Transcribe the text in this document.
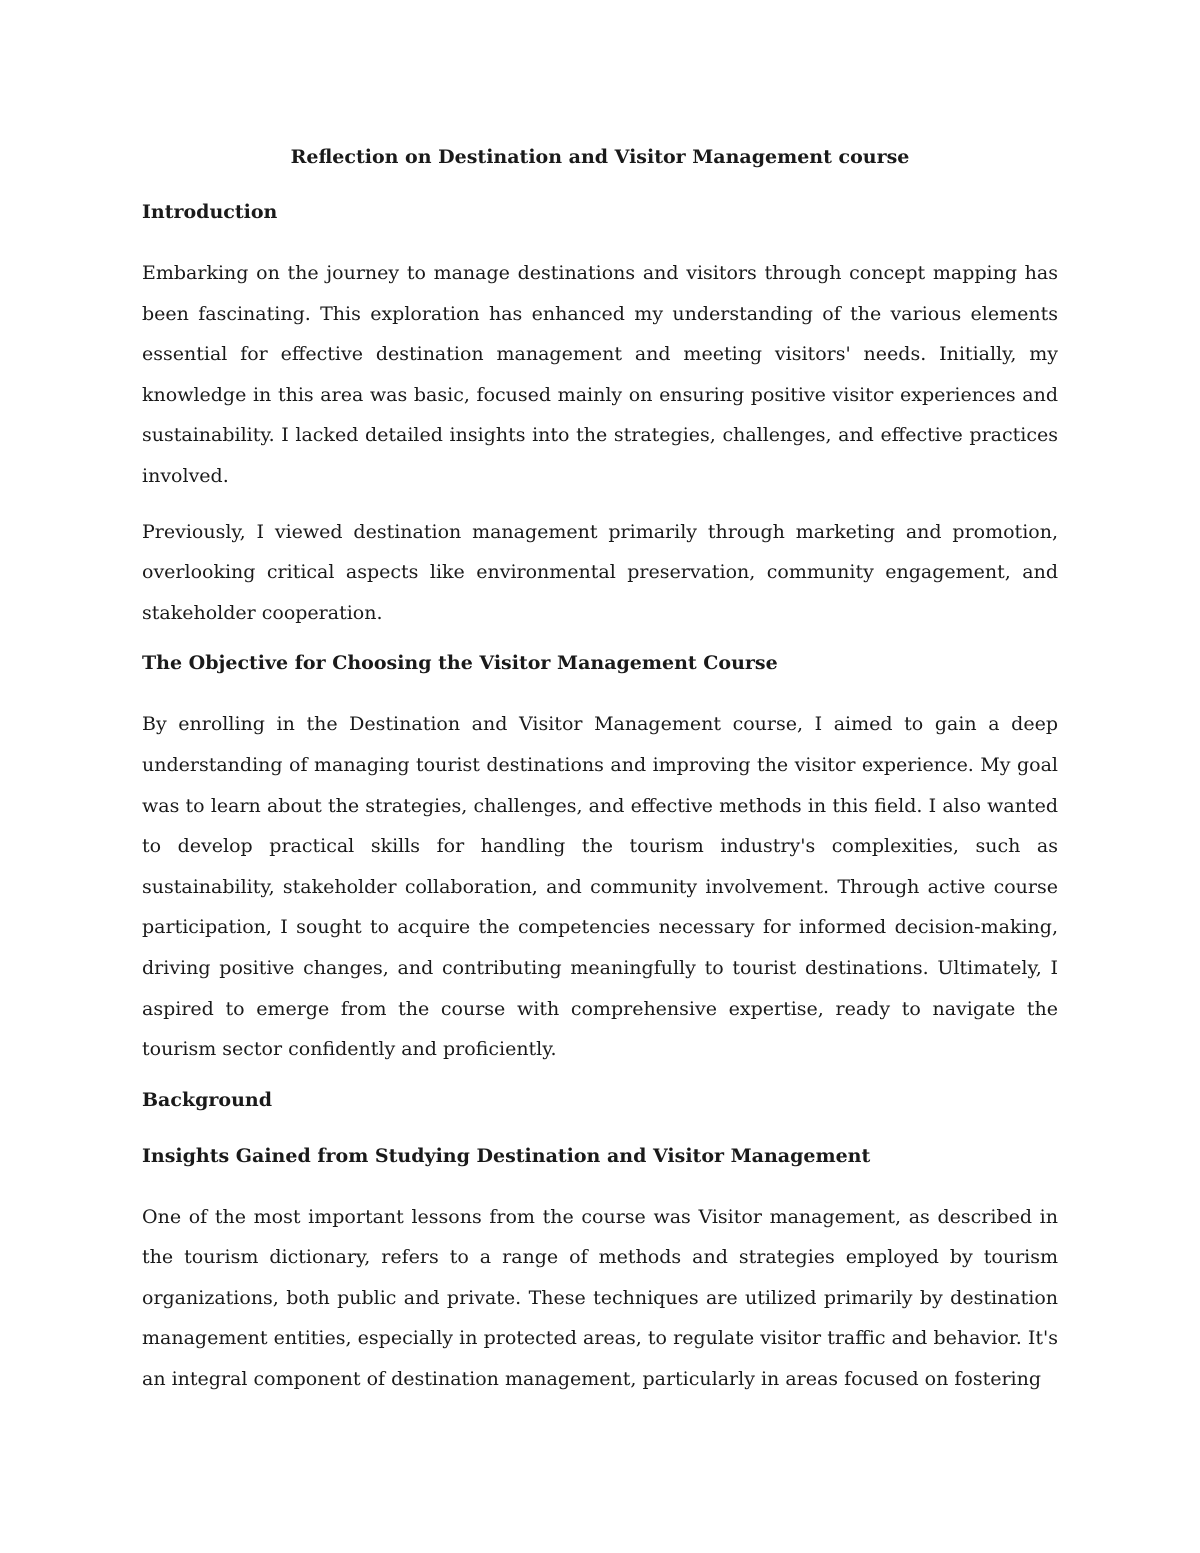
Reflection on Destination and Visitor Management course
Introduction

Embarking on the journey to manage destinations and visitors through concept mapping has been fascinating. This exploration has enhanced my understanding of the various elements essential for effective destination management and meeting visitors' needs. Initially, my knowledge in this area was basic, focused mainly on ensuring positive visitor experiences and sustainability. I lacked detailed insights into the strategies, challenges, and effective practices involved.

Previously, I viewed destination management primarily through marketing and promotion, overlooking critical aspects like environmental preservation, community engagement, and stakeholder cooperation.

The Objective for Choosing the Visitor Management Course

By enrolling in the Destination and Visitor Management course, I aimed to gain a deep understanding of managing tourist destinations and improving the visitor experience. My goal was to learn about the strategies, challenges, and effective methods in this field. I also wanted to develop practical skills for handling the tourism industry's complexities, such as sustainability, stakeholder collaboration, and community involvement. Through active course participation, I sought to acquire the competencies necessary for informed decision-making, driving positive changes, and contributing meaningfully to tourist destinations. Ultimately, I aspired to emerge from the course with comprehensive expertise, ready to navigate the tourism sector confidently and proficiently.

Background
Insights Gained from Studying Destination and Visitor Management

One of the most important lessons from the course was Visitor management, as described in the tourism dictionary, refers to a range of methods and strategies employed by tourism organizations, both public and private. These techniques are utilized primarily by destination management entities, especially in protected areas, to regulate visitor traffic and behavior. It's an integral component of destination management, particularly in areas focused on fostering
